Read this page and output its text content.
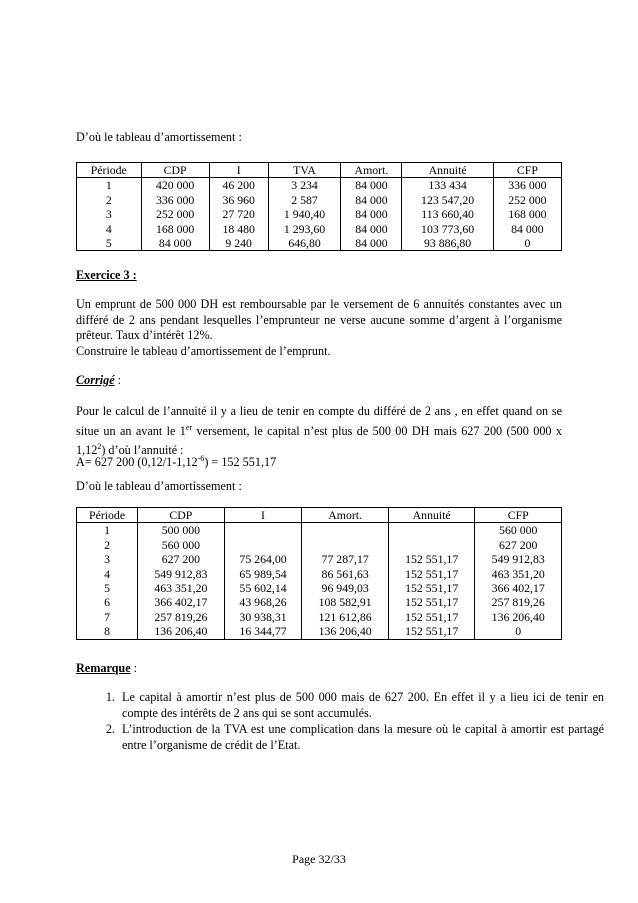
D’où le tableau d’amortissement :

Période	CDP	I	TVA	Amort.	Annuité	CFP
1	420 000	46 200	3 234	84 000	133 434	336 000
2	336 000	36 960	2 587	84 000	123 547,20	252 000
3	252 000	27 720	1 940,40	84 000	113 660,40	168 000
4	168 000	18 480	1 293,60	84 000	103 773,60	84 000
5	84 000	9 240	646,80	84 000	93 886,80	0

Exercice 3 :

Un emprunt de 500 000 DH est remboursable par le versement de 6 annuités constantes avec un différé de 2 ans pendant lesquelles l’emprunteur ne verse aucune somme d’argent à l’organisme prêteur. Taux d’intérêt 12%.

Construire le tableau d’amortissement de l’emprunt.

Corrigé :

Pour le calcul de l’annuité il y a lieu de tenir en compte du différé de 2 ans , en effet quand on se situe un an avant le 1er versement, le capital n’est plus de 500 00 DH mais 627 200 (500 000 x 1,12$^2$) d’où l’annuité :

A= 627 200 $(0,12/1-1,12^{-6}) = 152$ 551,17

D’où le tableau d’amortissement :

Période	CDP	I	Amort.	Annuité	CFP
1	500 000				560 000
2	560 000				627 200
3	627 200	75 264,00	77 287,17	152 551,17	549 912,83
4	549 912,83	65 989,54	86 561,63	152 551,17	463 351,20
5	463 351,20	55 602,14	96 949,03	152 551,17	366 402,17
6	366 402,17	43 968,26	108 582,91	152 551,17	257 819,26
7	257 819,26	30 938,31	121 612,86	152 551,17	136 206,40
8	136 206,40	16 344,77	136 206,40	152 551,17	0

Remarque :

1. Le capital à amortir n’est plus de 500 000 mais de 627 200. En effet il y a lieu ici de tenir en compte des intérêts de 2 ans qui se sont accumulés.
2. L’introduction de la TVA est une complication dans la mesure où le capital à amortir est partagé entre l’organisme de crédit de l’Etat.
Page 32/33
